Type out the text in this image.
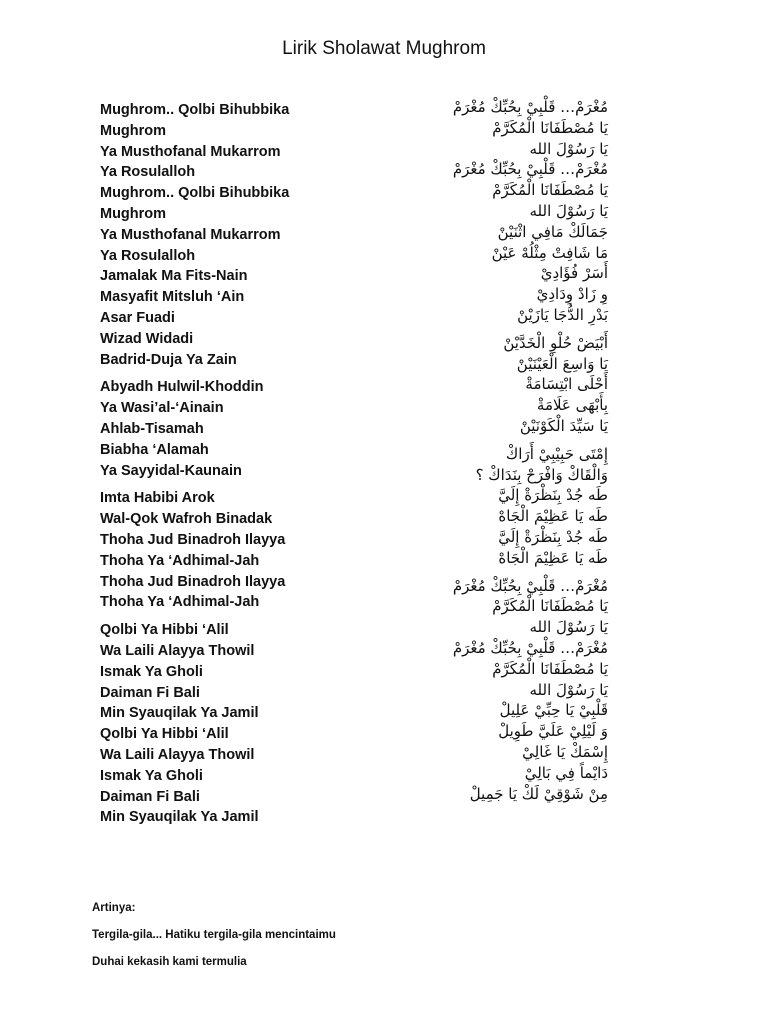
Lirik Sholawat Mughrom
Mughrom.. Qolbi Bihubbika
Mughrom
Ya Musthofanal Mukarrom
Ya Rosulalloh
Mughrom.. Qolbi Bihubbika
Mughrom
Ya Musthofanal Mukarrom
Ya Rosulalloh
Jamalak Ma Fits-Nain
Masyafit Mitsluh ‘Ain
Asar Fuadi
Wizad Widadi
Badrid-Duja Ya Zain
Abyadh Hulwil-Khoddin
Ya Wasi’al-‘Ainain
Ahlab-Tisamah
Biabha ‘Alamah
Ya Sayyidal-Kaunain
Imta Habibi Arok
Wal-Qok Wafroh Binadak
Thoha Jud Binadroh Ilayya
Thoha Ya ‘Adhimal-Jah
Thoha Jud Binadroh Ilayya
Thoha Ya ‘Adhimal-Jah
Qolbi Ya Hibbi ‘Alil
Wa Laili Alayya Thowil
Ismak Ya Gholi
Daiman Fi Bali
Min Syauqilak Ya Jamil
Qolbi Ya Hibbi ‘Alil
Wa Laili Alayya Thowil
Ismak Ya Gholi
Daiman Fi Bali
Min Syauqilak Ya Jamil
مُغْرَمْ… قَلْبِيْ بِحُبِّكْ مُغْرَمْ
يَا مُصْطَفَانَا الْمُكَرَّمْ
يَا رَسُوْلَ الله
مُغْرَمْ… قَلْبِيْ بِحُبِّكْ مُغْرَمْ
يَا مُصْطَفَانَا الْمُكَرَّمْ
يَا رَسُوْلَ الله
جَمَالَكْ مَافِي اثْنَيْنْ
مَا شَافِتْ مِثْلُهْ عَيْنْ
أَسَرْ فُؤَادِيْ
وِ زَادْ وِدَادِيْ
بَدْرِ الدُّجَا يَازَيْنْ
أَبْيَضْ حُلْوِ الْخَدَّيْنْ
يَا وَاسِعَ الْعَيْنَيْنْ
أَحْلَى ابْتِسَامَةْ
بِأَبْهَى عَلَامَةْ
يَا سَيِّدَ الْكَوْنَيْنْ
إِمْتَى حَبِيْبِيْ أَرَاكْ
وَالْقَاكْ وَافْرَحْ بِنَدَاكْ ؟
طَه جُدْ بِنَظْرَةْ إِلَيَّ
طَه يَا عَظِيْمَ الْجَاهْ
طَه جُدْ بِنَظْرَةْ إِلَيَّ
طَه يَا عَظِيْمَ الْجَاهْ
مُغْرَمْ… قَلْبِيْ بِحُبِّكْ مُغْرَمْ
يَا مُصْطَفَانَا الْمُكَرَّمْ
يَا رَسُوْلَ الله
مُغْرَمْ… قَلْبِيْ بِحُبِّكْ مُغْرَمْ
يَا مُصْطَفَانَا الْمُكَرَّمْ
يَا رَسُوْلَ الله
قَلْبِيْ يَا حِبِّيْ عَلِيلْ
وَ لَيْلِيْ عَلَيَّ طَوِيلْ
إِسْمَكْ يَا غَالِيْ
دَايْماً فِي بَالِيْ
مِنْ شَوْقِيْ لَكْ يَا جَمِيلْ
Artinya:
Tergila-gila... Hatiku tergila-gila mencintaimu
Duhai kekasih kami termulia
